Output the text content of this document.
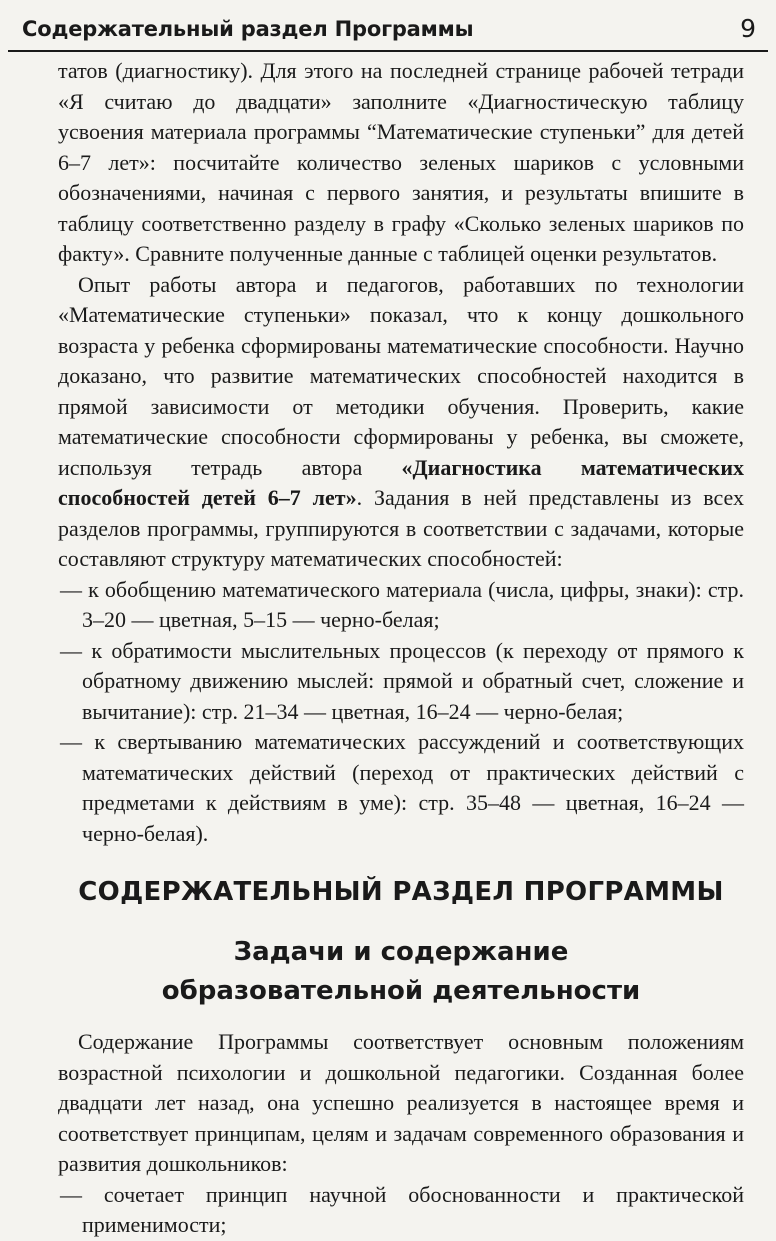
Содержательный раздел Программы	9

татов (диагностику). Для этого на последней странице рабочей тетради «Я считаю до двадцати» заполните «Диагностическую таблицу усвоения материала программы “Математические ступеньки” для детей 6–7 лет»: посчитайте количество зеленых шариков с условными обозначениями, начиная с первого занятия, и результаты впишите в таблицу соответственно разделу в графу «Сколько зеленых шариков по факту». Сравните полученные данные с таблицей оценки результатов.

Опыт работы автора и педагогов, работавших по технологии «Математические ступеньки» показал, что к концу дошкольного возраста у ребенка сформированы математические способности. Научно доказано, что развитие математических способностей находится в прямой зависимости от методики обучения. Проверить, какие математические способности сформированы у ребенка, вы сможете, используя тетрадь автора «Диагностика математических способностей детей 6–7 лет». Задания в ней представлены из всех разделов программы, группируются в соответствии с задачами, которые составляют структуру математических способностей:

— к обобщению математического материала (числа, цифры, знаки): стр. 3–20 — цветная, 5–15 — черно-белая;
— к обратимости мыслительных процессов (к переходу от прямого к обратному движению мыслей: прямой и обратный счет, сложение и вычитание): стр. 21–34 — цветная, 16–24 — черно-белая;
— к свертыванию математических рассуждений и соответствующих математических действий (переход от практических действий с предметами к действиям в уме): стр. 35–48 — цветная, 16–24 — черно-белая).
СОДЕРЖАТЕЛЬНЫЙ РАЗДЕЛ ПРОГРАММЫ
Задачи и содержание
образовательной деятельности

Содержание Программы соответствует основным положениям возрастной психологии и дошкольной педагогики. Созданная более двадцати лет назад, она успешно реализуется в настоящее время и соответствует принципам, целям и задачам современного образования и развития дошкольников:

— сочетает принцип научной обоснованности и практической применимости;
